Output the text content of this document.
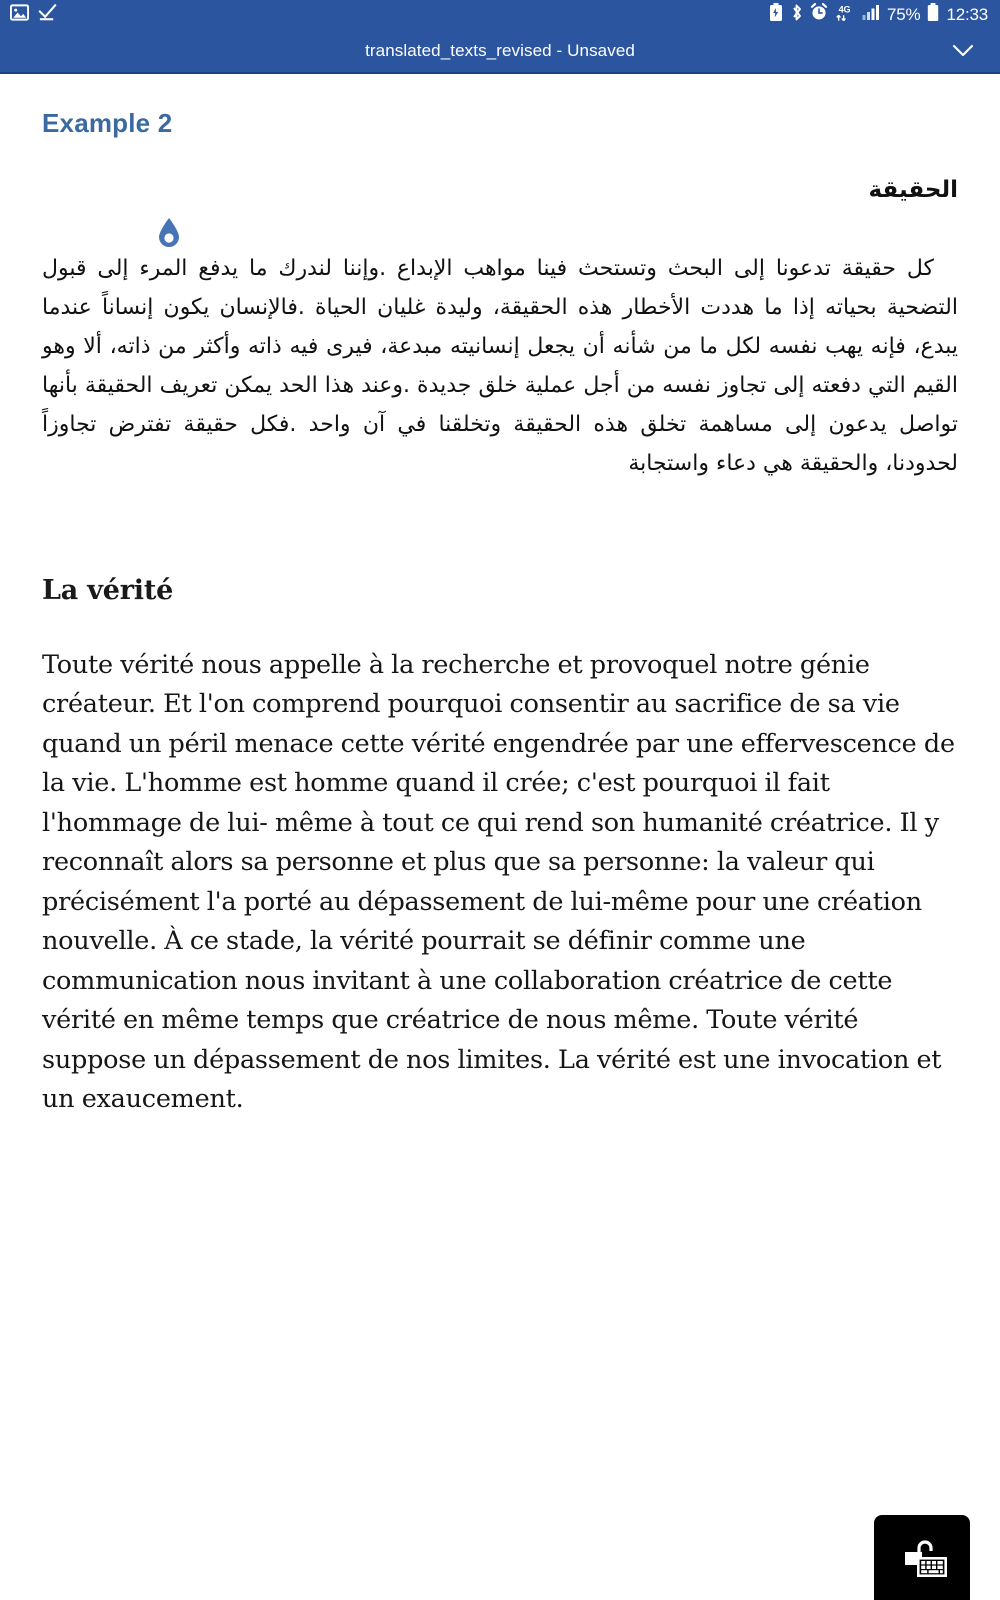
4G 75% 12:33
translated_texts_revised - Unsaved
Example 2
الحقيقة
كل حقيقة تدعونا إلى البحث وتستحث فينا مواهب الإبداع .وإننا لندرك ما يدفع المرء إلى قبول التضحية بحياته إذا ما هددت الأخطار هذه الحقيقة، وليدة غليان الحياة .فالإنسان يكون إنساناً عندما يبدع، فإنه يهب نفسه لكل ما من شأنه أن يجعل إنسانيته مبدعة، فيرى فيه ذاته وأكثر من ذاته، ألا وهو القيم التي دفعته إلى تجاوز نفسه من أجل عملية خلق جديدة .وعند هذا الحد يمكن تعريف الحقيقة بأنها تواصل يدعون إلى مساهمة تخلق هذه الحقيقة وتخلقنا في آن واحد .فكل حقيقة تفترض تجاوزاً لحدودنا، والحقيقة هي دعاء واستجابة
La vérité
Toute vérité nous appelle à la recherche et provoquel notre génie créateur. Et l'on comprend pourquoi consentir au sacrifice de sa vie quand un péril menace cette vérité engendrée par une effervescence de la vie. L'homme est homme quand il crée; c'est pourquoi il fait l'hommage de lui- même à tout ce qui rend son humanité créatrice. Il y reconnaît alors sa personne et plus que sa personne: la valeur qui précisément l'a porté au dépassement de lui-même pour une création nouvelle. À ce stade, la vérité pourrait se définir comme une communication nous invitant à une collaboration créatrice de cette vérité en même temps que créatrice de nous même. Toute vérité suppose un dépassement de nos limites. La vérité est une invocation et un exaucement.
